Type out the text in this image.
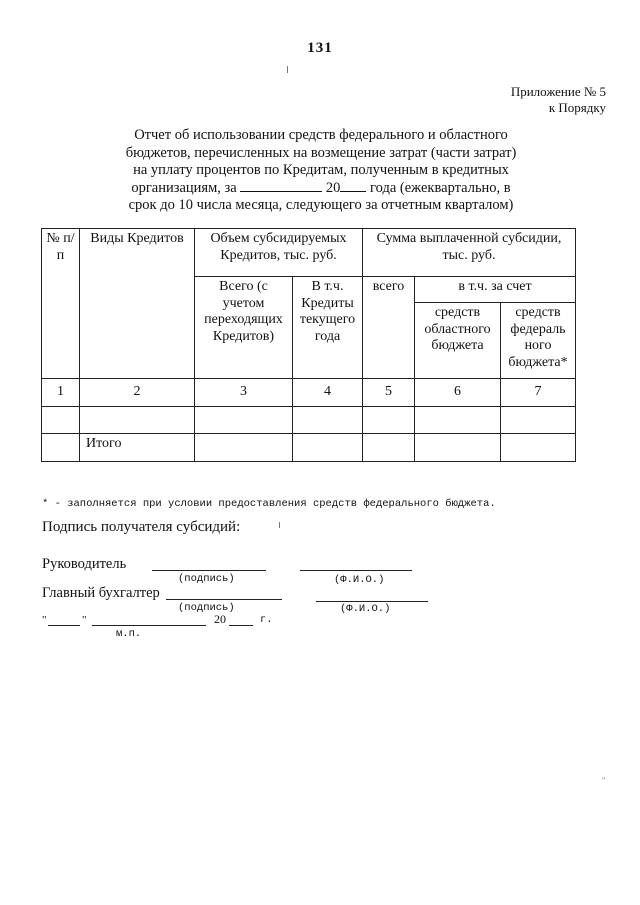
131
Приложение № 5
к Порядку
Отчет об использовании средств федерального и областного
бюджетов, перечисленных на возмещение затрат (части затрат)
на уплату процентов по Кредитам, полученным в кредитных
организациям, за	20 года (ежеквартально, в
срок до 10 числа месяца, следующего за отчетным кварталом)
№ п/п	Виды Кредитов	Объем субсидируемых Кредитов, тыс. руб.		Сумма выплаченной субсидии, тыс. руб.		
		Всего (с учетом переходящих Кредитов)	В т.ч. Кредиты текущего года	всего	в т.ч. за счет	
					средств областного бюджета	средств федераль ного бюджета*
1	2	3	4	5	6	7

	Итого					
* - заполняется при условии предоставления средств федерального бюджета.
Подпись получателя субсидий:
Руководитель
(подпись)	(Ф.И.О.)
Главный бухгалтер
(подпись)	(Ф.И.О.)
"	"	20	г.
м.п.
"
